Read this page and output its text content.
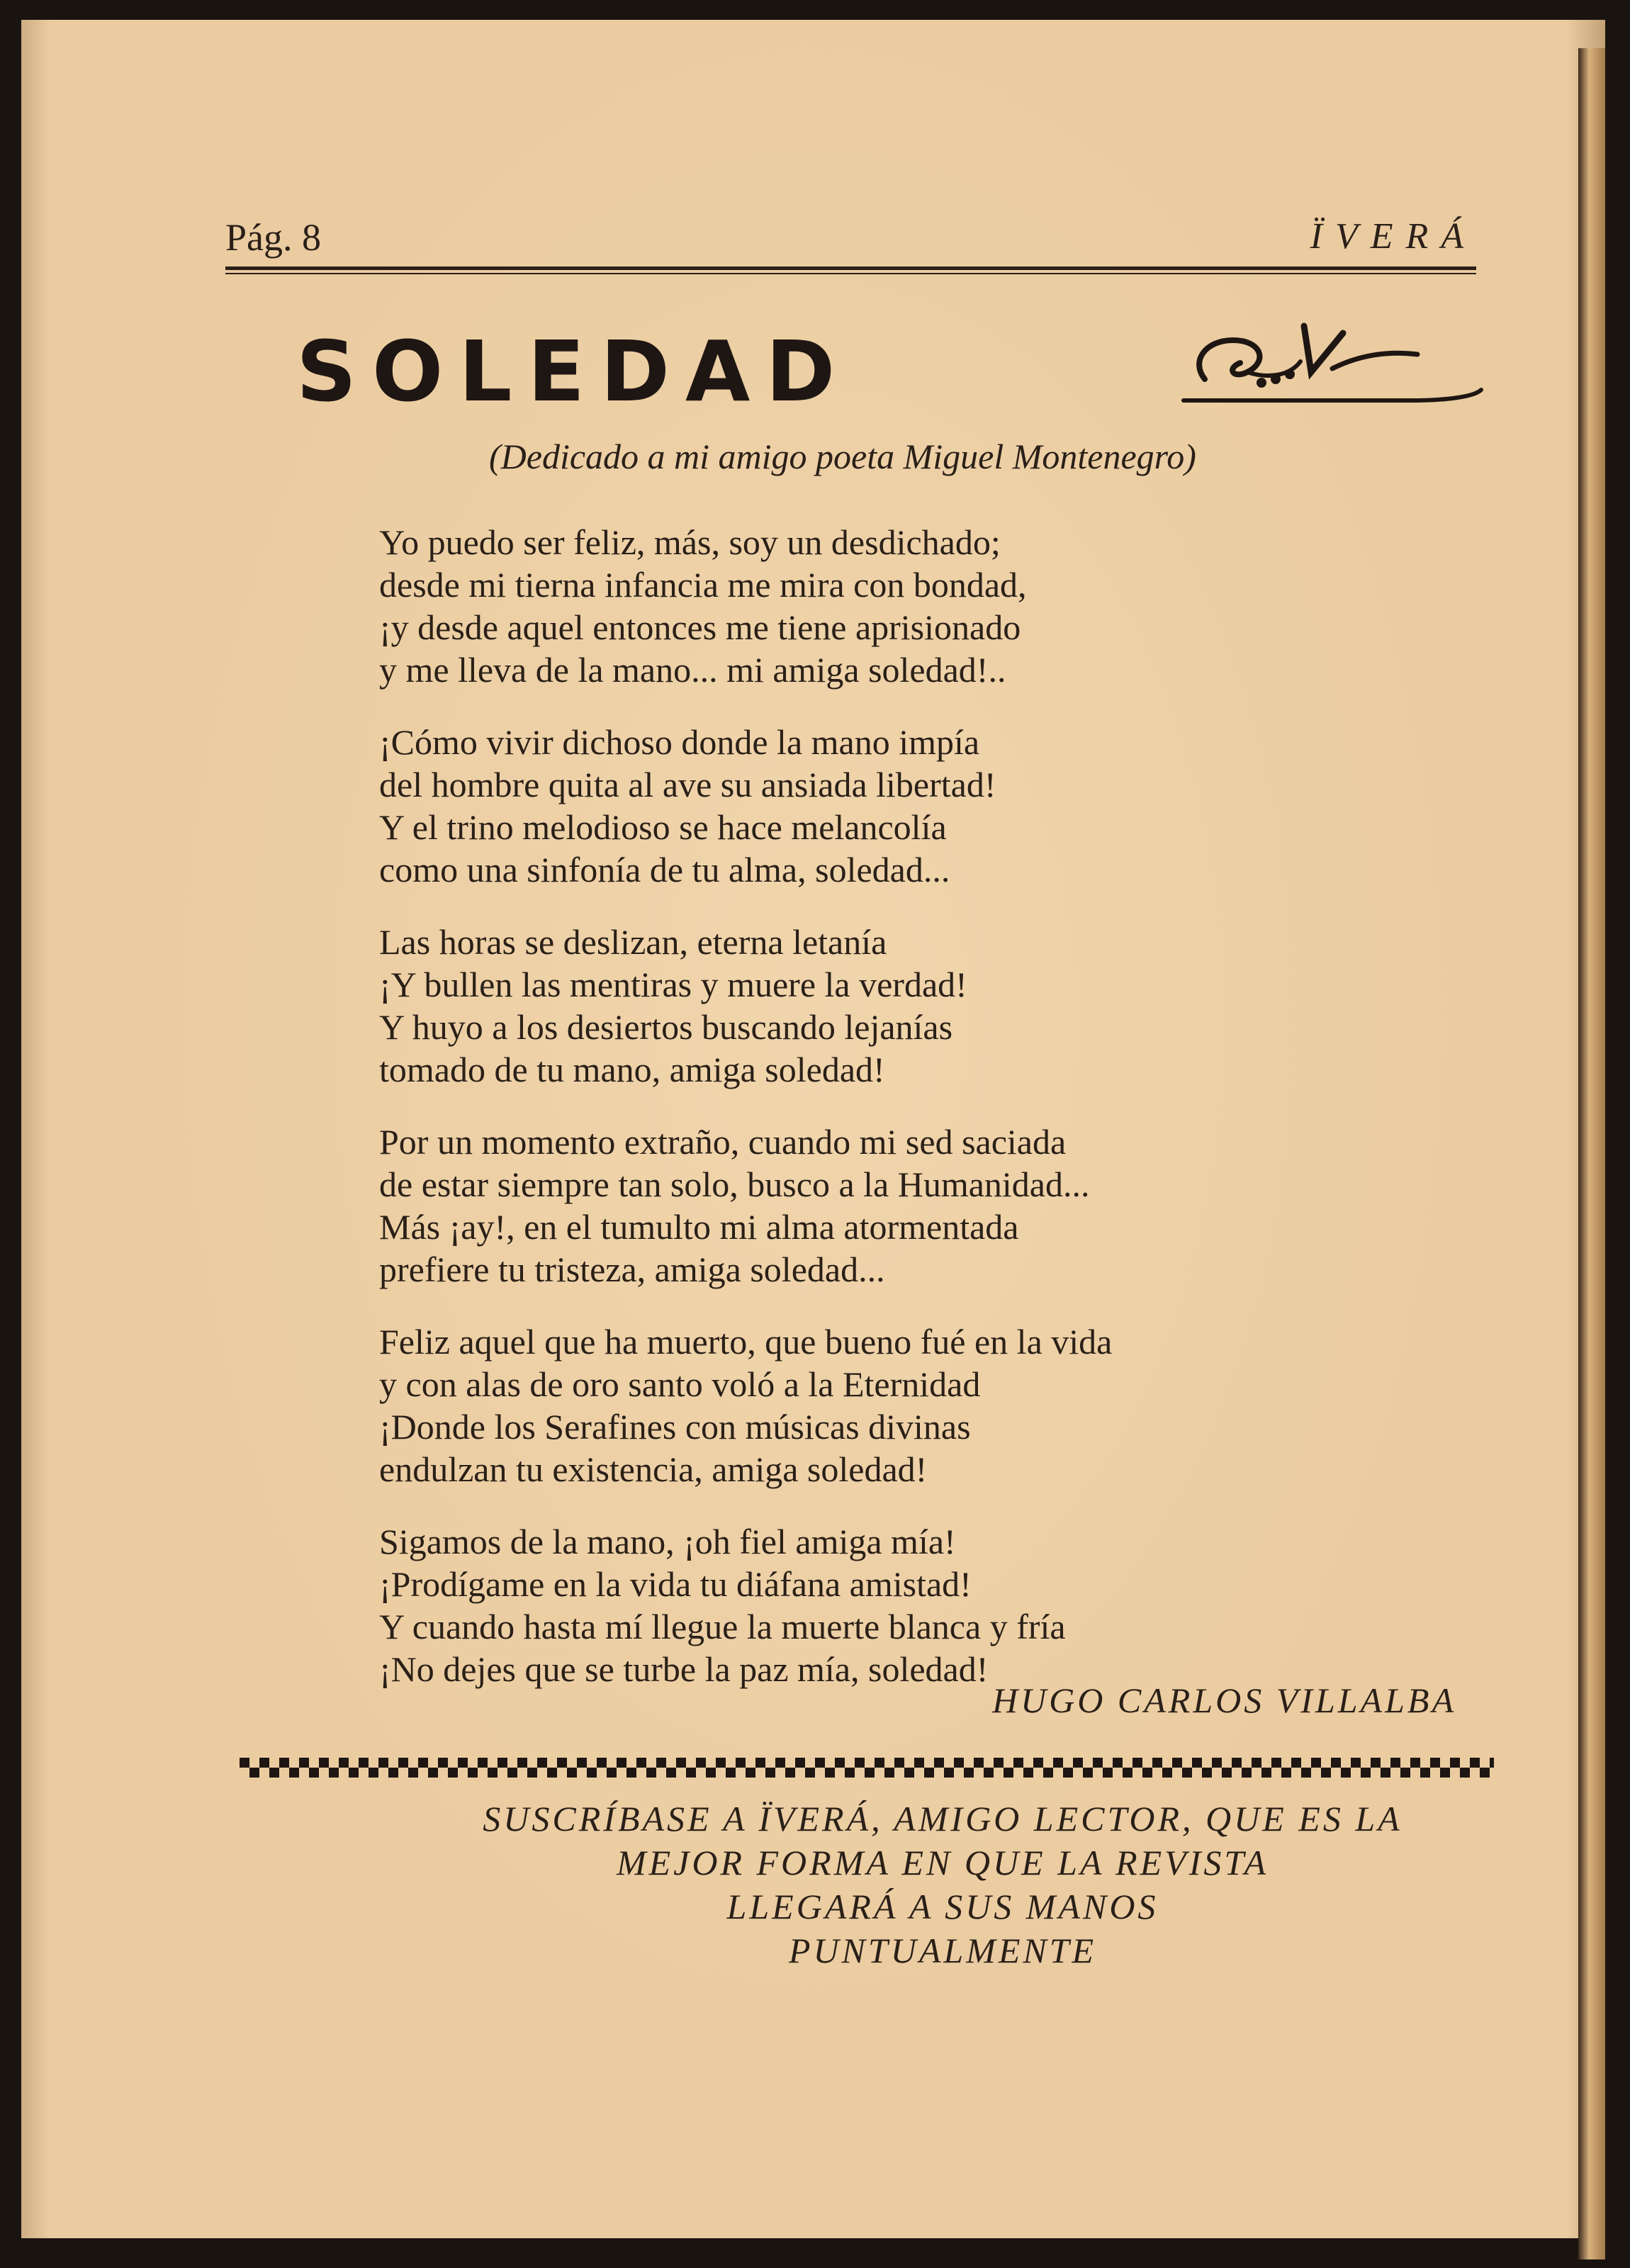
Pág. 8	ÏVERÁ
SOLEDAD
(Dedicado a mi amigo poeta Miguel Montenegro)
Yo puedo ser feliz, más, soy un desdichado;
desde mi tierna infancia me mira con bondad,
¡y desde aquel entonces me tiene aprisionado
y me lleva de la mano... mi amiga soledad!..
¡Cómo vivir dichoso donde la mano impía
del hombre quita al ave su ansiada libertad!
Y el trino melodioso se hace melancolía
como una sinfonía de tu alma, soledad...
Las horas se deslizan, eterna letanía
¡Y bullen las mentiras y muere la verdad!
Y huyo a los desiertos buscando lejanías
tomado de tu mano, amiga soledad!
Por un momento extraño, cuando mi sed saciada
de estar siempre tan solo, busco a la Humanidad...
Más ¡ay!, en el tumulto mi alma atormentada
prefiere tu tristeza, amiga soledad...
Feliz aquel que ha muerto, que bueno fué en la vida
y con alas de oro santo voló a la Eternidad
¡Donde los Serafines con músicas divinas
endulzan tu existencia, amiga soledad!
Sigamos de la mano, ¡oh fiel amiga mía!
¡Prodígame en la vida tu diáfana amistad!
Y cuando hasta mí llegue la muerte blanca y fría
¡No dejes que se turbe la paz mía, soledad!
HUGO CARLOS VILLALBA
SUSCRÍBASE A ÏVERÁ, AMIGO LECTOR, QUE ES LA
MEJOR FORMA EN QUE LA REVISTA
LLEGARÁ A SUS MANOS
PUNTUALMENTE
